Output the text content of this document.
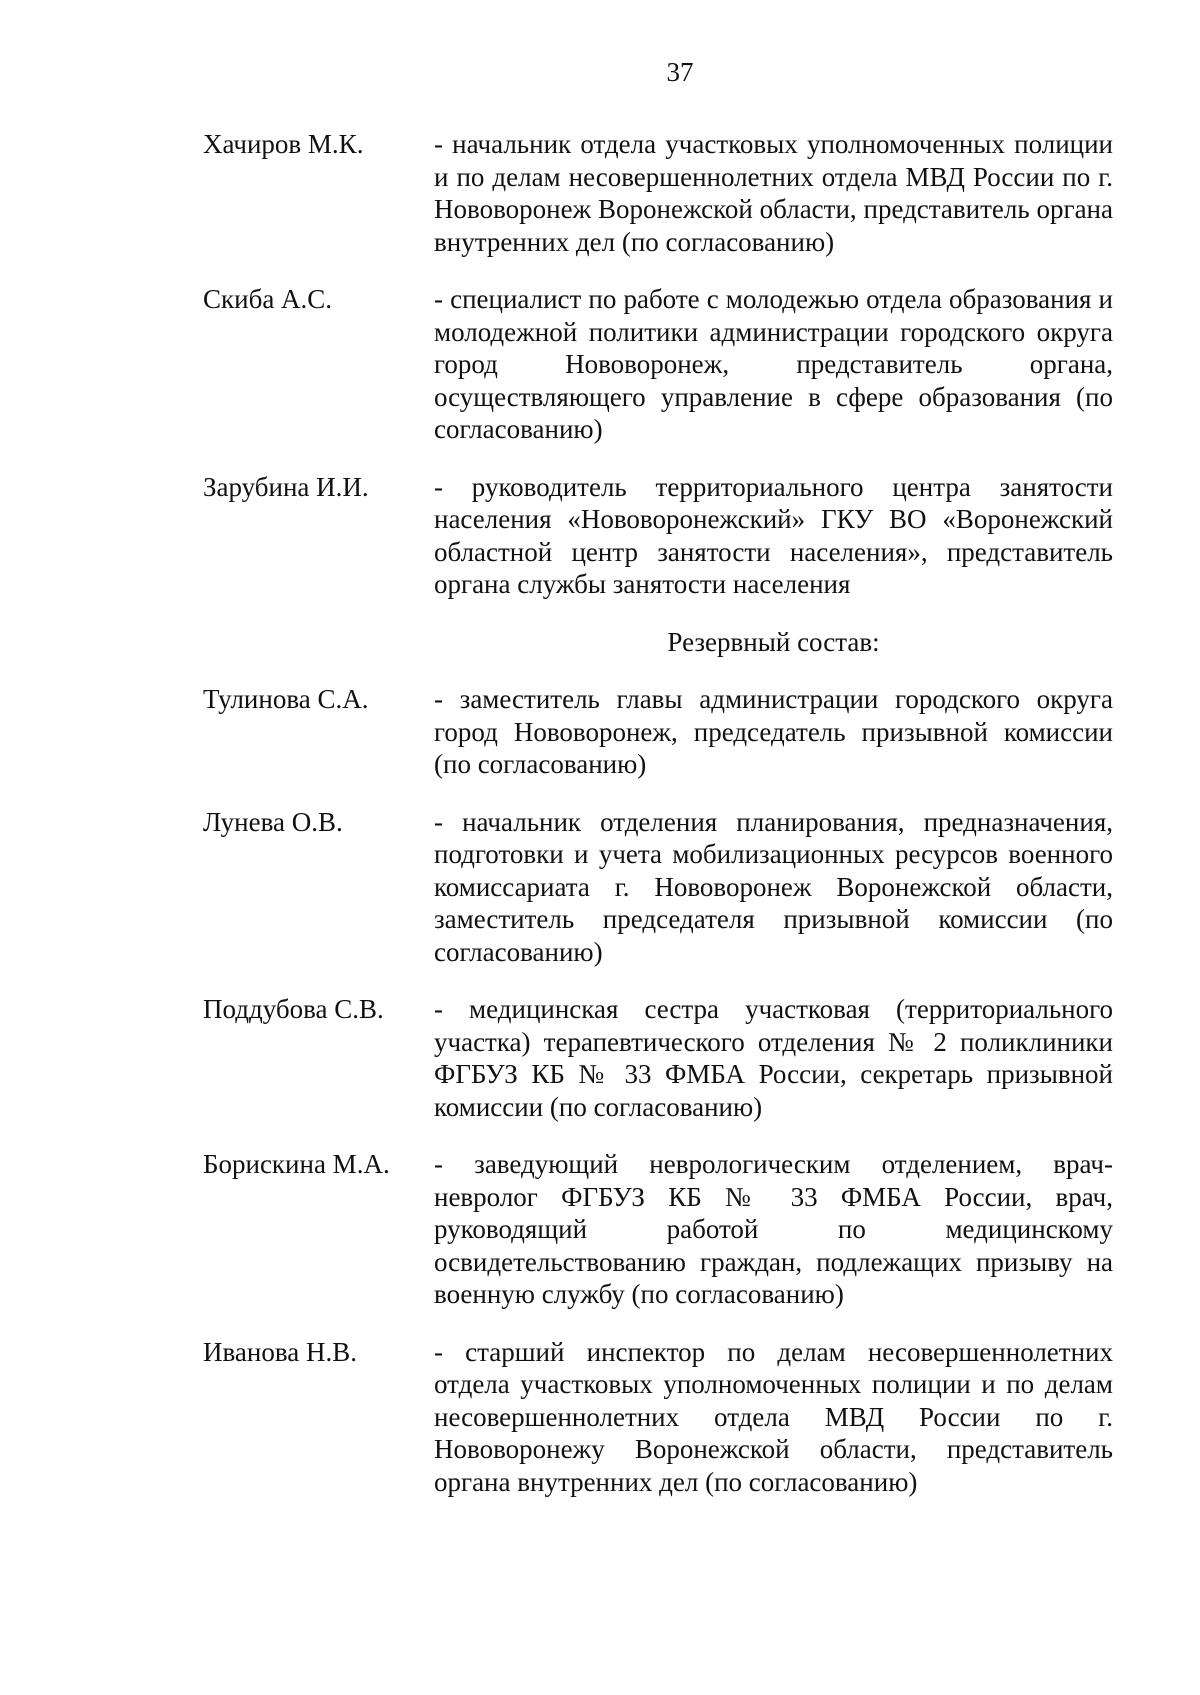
37
Хачиров М.К.	- начальник отдела участковых уполномоченных полиции и по делам несовершеннолетних отдела МВД России по г. Нововоронеж Воронежской области, представитель органа внутренних дел (по согласованию)
Скиба А.С.	- специалист по работе с молодежью отдела образования и молодежной политики администрации городского округа город Нововоронеж, представитель органа, осуществляющего управление в сфере образования (по согласованию)
Зарубина И.И.	- руководитель территориального центра занятости населения «Нововоронежский» ГКУ ВО «Воронежский областной центр занятости населения», представитель органа службы занятости населения
Резервный состав:
Тулинова С.А.	- заместитель главы администрации городского округа город Нововоронеж, председатель призывной комиссии (по согласованию)
Лунева О.В.	- начальник отделения планирования, предназначения, подготовки и учета мобилизационных ресурсов военного комиссариата г. Нововоронеж Воронежской области, заместитель председателя призывной комиссии (по согласованию)
Поддубова С.В.	- медицинская сестра участковая (территориального участка) терапевтического отделения № 2 поликлиники ФГБУЗ КБ № 33 ФМБА России, секретарь призывной комиссии (по согласованию)
Борискина М.А.	- заведующий неврологическим отделением, врач-невролог ФГБУЗ КБ № 33 ФМБА России, врач, руководящий работой по медицинскому освидетельствованию граждан, подлежащих призыву на военную службу (по согласованию)
Иванова Н.В.	- старший инспектор по делам несовершеннолетних отдела участковых уполномоченных полиции и по делам несовершеннолетних отдела МВД России по г. Нововоронежу Воронежской области, представитель органа внутренних дел (по согласованию)
